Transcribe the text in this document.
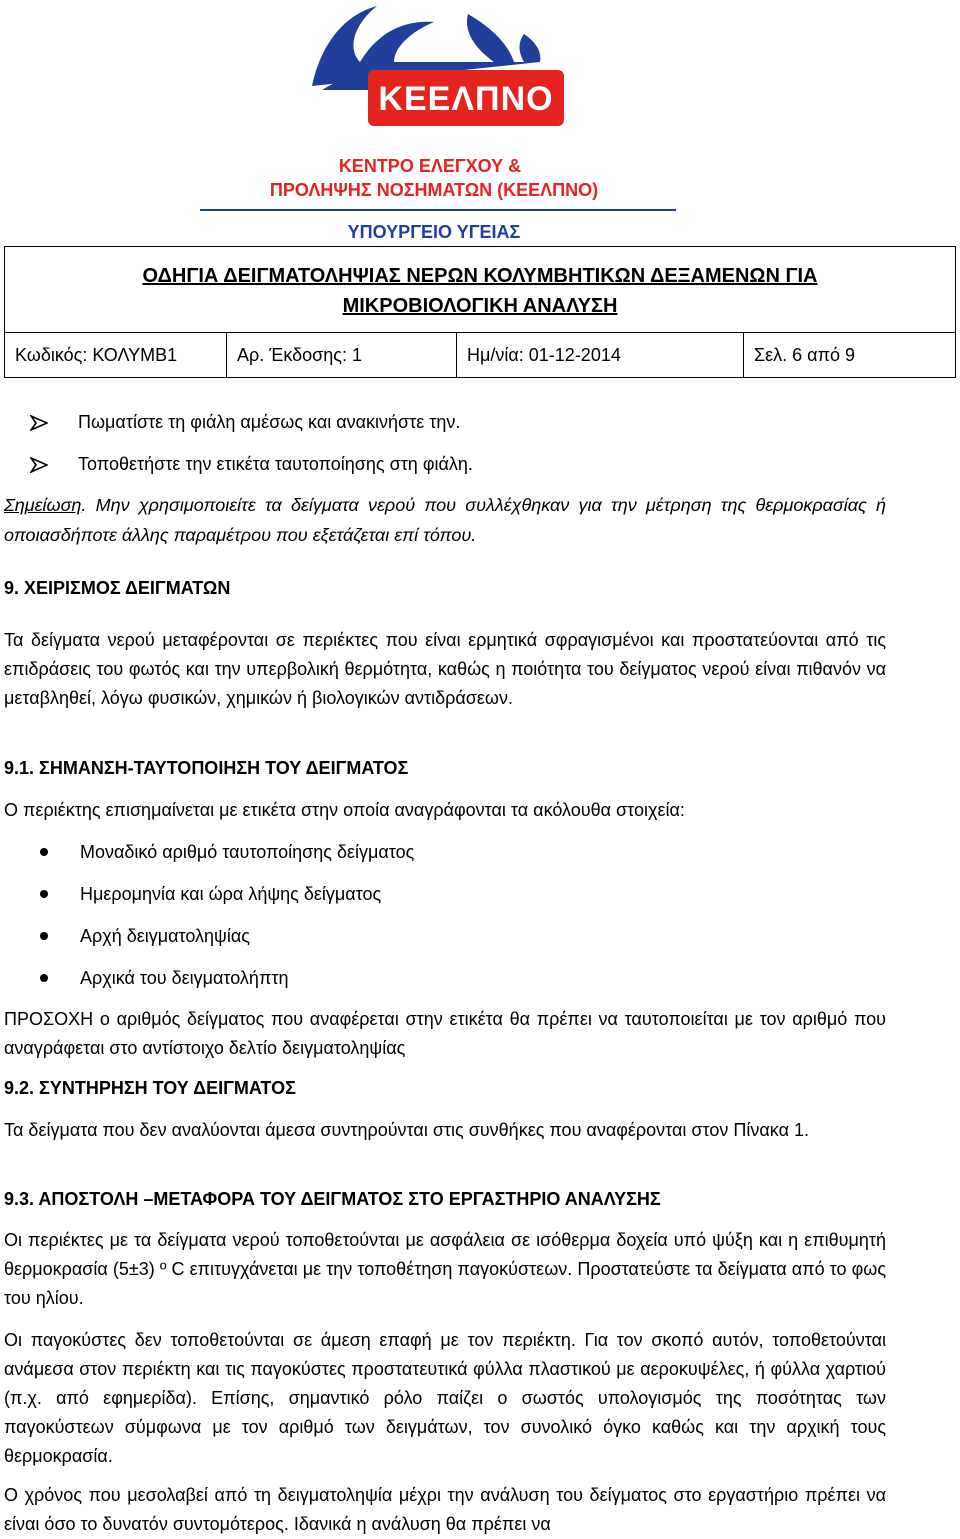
ΚΕΕΛΠΝΟ
ΚΕΝΤΡΟ ΕΛΕΓΧΟΥ &
ΠΡΟΛΗΨΗΣ ΝΟΣΗΜΑΤΩΝ (ΚΕΕΛΠΝΟ)
ΥΠΟΥΡΓΕΙΟ ΥΓΕΙΑΣ
ΟΔΗΓΙΑ ΔΕΙΓΜΑΤΟΛΗΨΙΑΣ ΝΕΡΩΝ ΚΟΛΥΜΒΗΤΙΚΩΝ ΔΕΞΑΜΕΝΩΝ ΓΙΑ
ΜΙΚΡΟΒΙΟΛΟΓΙΚΗ ΑΝΑΛΥΣΗ
Κωδικός: ΚΟΛΥΜΒ1	Αρ. Έκδοσης: 1	Ημ/νία: 01-12-2014	Σελ. 6 από 9
Πωματίστε τη φιάλη αμέσως και ανακινήστε την.
Τοποθετήστε την ετικέτα ταυτοποίησης στη φιάλη.
Σημείωση. Μην χρησιμοποιείτε τα δείγματα νερού που συλλέχθηκαν για την μέτρηση της θερμοκρασίας ή οποιασδήποτε άλλης παραμέτρου που εξετάζεται επί τόπου.
9. ΧΕΙΡΙΣΜΟΣ ΔΕΙΓΜΑΤΩΝ
Τα δείγματα νερού μεταφέρονται σε περιέκτες που είναι ερμητικά σφραγισμένοι και προστατεύονται από τις επιδράσεις του φωτός και την υπερβολική θερμότητα, καθώς η ποιότητα του δείγματος νερού είναι πιθανόν να μεταβληθεί, λόγω φυσικών, χημικών ή βιολογικών αντιδράσεων.
9.1. ΣΗΜΑΝΣΗ-ΤΑΥΤΟΠΟΙΗΣΗ ΤΟΥ ΔΕΙΓΜΑΤΟΣ
Ο περιέκτης επισημαίνεται με ετικέτα στην οποία αναγράφονται τα ακόλουθα στοιχεία:
Μοναδικό αριθμό ταυτοποίησης δείγματος
Ημερομηνία και ώρα λήψης δείγματος
Αρχή δειγματοληψίας
Αρχικά του δειγματολήπτη
ΠΡΟΣΟΧΗ ο αριθμός δείγματος που αναφέρεται στην ετικέτα θα πρέπει να ταυτοποιείται με τον αριθμό που αναγράφεται στο αντίστοιχο δελτίο δειγματοληψίας
9.2. ΣΥΝΤΗΡΗΣΗ ΤΟΥ ΔΕΙΓΜΑΤΟΣ
Τα δείγματα που δεν αναλύονται άμεσα συντηρούνται στις συνθήκες που αναφέρονται στον Πίνακα 1.
9.3. ΑΠΟΣΤΟΛΗ –ΜΕΤΑΦΟΡΑ ΤΟΥ ΔΕΙΓΜΑΤΟΣ ΣΤΟ ΕΡΓΑΣΤΗΡΙΟ ΑΝΑΛΥΣΗΣ
Οι περιέκτες με τα δείγματα νερού τοποθετούνται με ασφάλεια σε ισόθερμα δοχεία υπό ψύξη και η επιθυμητή θερμοκρασία (5±3) º C επιτυγχάνεται με την τοποθέτηση παγοκύστεων. Προστατεύστε τα δείγματα από το φως του ηλίου.
Οι παγοκύστες δεν τοποθετούνται σε άμεση επαφή με τον περιέκτη. Για τον σκοπό αυτόν, τοποθετούνται ανάμεσα στον περιέκτη και τις παγοκύστες προστατευτικά φύλλα πλαστικού με αεροκυψέλες, ή φύλλα χαρτιού (π.χ. από εφημερίδα). Επίσης, σημαντικό ρόλο παίζει ο σωστός υπολογισμός της ποσότητας των παγοκύστεων σύμφωνα με τον αριθμό των δειγμάτων, τον συνολικό όγκο καθώς και την αρχική τους θερμοκρασία.
Ο χρόνος που μεσολαβεί από τη δειγματοληψία μέχρι την ανάλυση του δείγματος στο εργαστήριο πρέπει να είναι όσο το δυνατόν συντομότερος. Ιδανικά η ανάλυση θα πρέπει να
